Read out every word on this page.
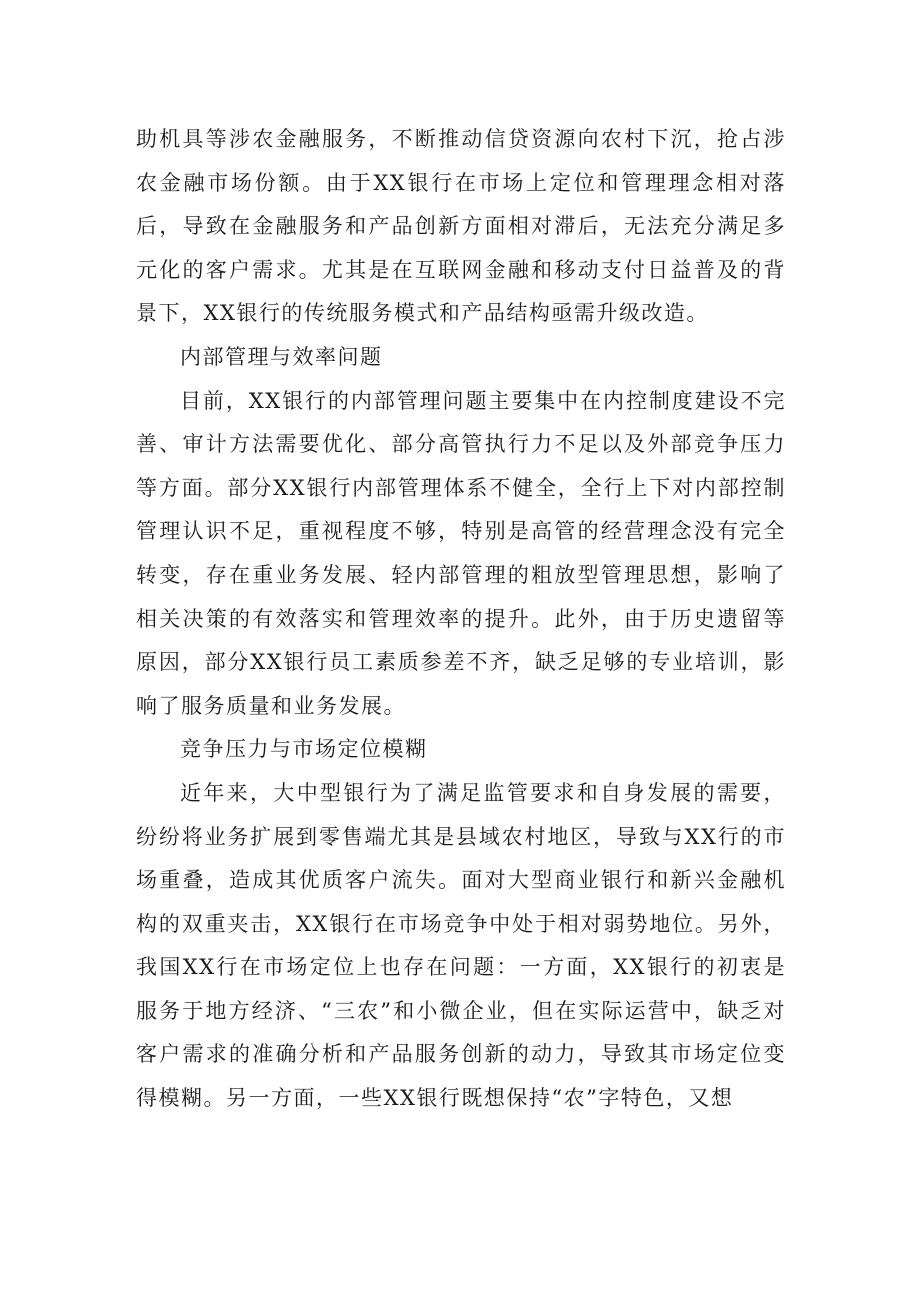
助机具等涉农金融服务，不断推动信贷资源向农村下沉，抢占涉农金融市场份额。由于XX银行在市场上定位和管理理念相对落后，导致在金融服务和产品创新方面相对滞后，无法充分满足多元化的客户需求。尤其是在互联网金融和移动支付日益普及的背景下，XX银行的传统服务模式和产品结构亟需升级改造。

内部管理与效率问题

目前，XX银行的内部管理问题主要集中在内控制度建设不完善、审计方法需要优化、部分高管执行力不足以及外部竞争压力等方面。部分XX银行内部管理体系不健全，全行上下对内部控制管理认识不足，重视程度不够，特别是高管的经营理念没有完全转变，存在重业务发展、轻内部管理的粗放型管理思想，影响了相关决策的有效落实和管理效率的提升。此外，由于历史遗留等原因，部分XX银行员工素质参差不齐，缺乏足够的专业培训，影响了服务质量和业务发展。

竞争压力与市场定位模糊

近年来，大中型银行为了满足监管要求和自身发展的需要，纷纷将业务扩展到零售端尤其是县域农村地区，导致与XX行的市场重叠，造成其优质客户流失。面对大型商业银行和新兴金融机构的双重夹击，XX银行在市场竞争中处于相对弱势地位。另外，我国XX行在市场定位上也存在问题：一方面，XX银行的初衷是服务于地方经济、“三农”和小微企业，但在实际运营中，缺乏对客户需求的准确分析和产品服务创新的动力，导致其市场定位变得模糊。另一方面，一些XX银行既想保持“农”字特色，又想
